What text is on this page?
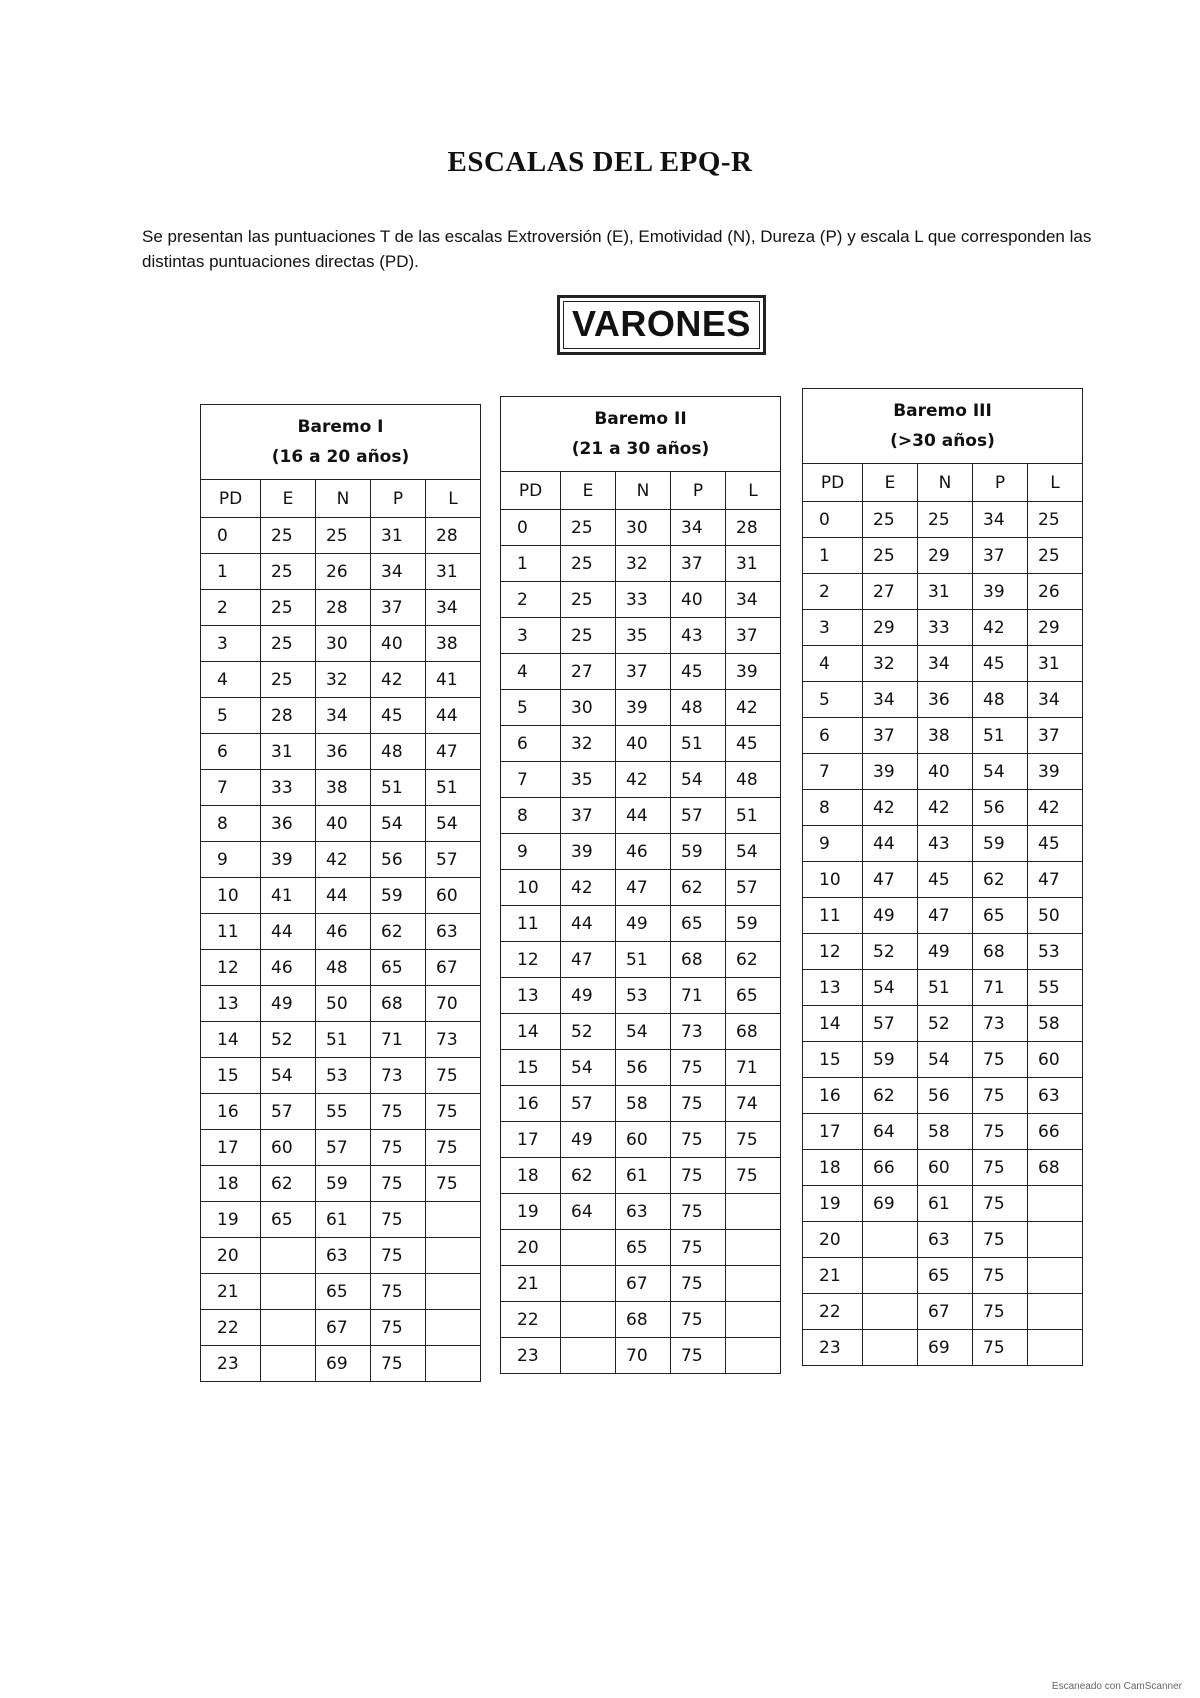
ESCALAS DEL EPQ-R
Se presentan las puntuaciones T de las escalas Extroversión (E), Emotividad (N), Dureza (P) y escala L que corresponden las distintas puntuaciones directas (PD).
VARONES
Baremo I
(16 a 20 años)				

PD	E	N	P	L
0	25	25	31	28
1	25	26	34	31
2	25	28	37	34
3	25	30	40	38
4	25	32	42	41
5	28	34	45	44
6	31	36	48	47
7	33	38	51	51
8	36	40	54	54
9	39	42	56	57
10	41	44	59	60
11	44	46	62	63
12	46	48	65	67
13	49	50	68	70
14	52	51	71	73
15	54	53	73	75
16	57	55	75	75
17	60	57	75	75
18	62	59	75	75
19	65	61	75	
20		63	75	
21		65	75	
22		67	75	
23		69	75	
Baremo II
(21 a 30 años)				

PD	E	N	P	L
0	25	30	34	28
1	25	32	37	31
2	25	33	40	34
3	25	35	43	37
4	27	37	45	39
5	30	39	48	42
6	32	40	51	45
7	35	42	54	48
8	37	44	57	51
9	39	46	59	54
10	42	47	62	57
11	44	49	65	59
12	47	51	68	62
13	49	53	71	65
14	52	54	73	68
15	54	56	75	71
16	57	58	75	74
17	49	60	75	75
18	62	61	75	75
19	64	63	75	
20		65	75	
21		67	75	
22		68	75	
23		70	75	
Baremo III
(>30 años)				

PD	E	N	P	L
0	25	25	34	25
1	25	29	37	25
2	27	31	39	26
3	29	33	42	29
4	32	34	45	31
5	34	36	48	34
6	37	38	51	37
7	39	40	54	39
8	42	42	56	42
9	44	43	59	45
10	47	45	62	47
11	49	47	65	50
12	52	49	68	53
13	54	51	71	55
14	57	52	73	58
15	59	54	75	60
16	62	56	75	63
17	64	58	75	66
18	66	60	75	68
19	69	61	75	
20		63	75	
21		65	75	
22		67	75	
23		69	75	
Escaneado con CamScanner
